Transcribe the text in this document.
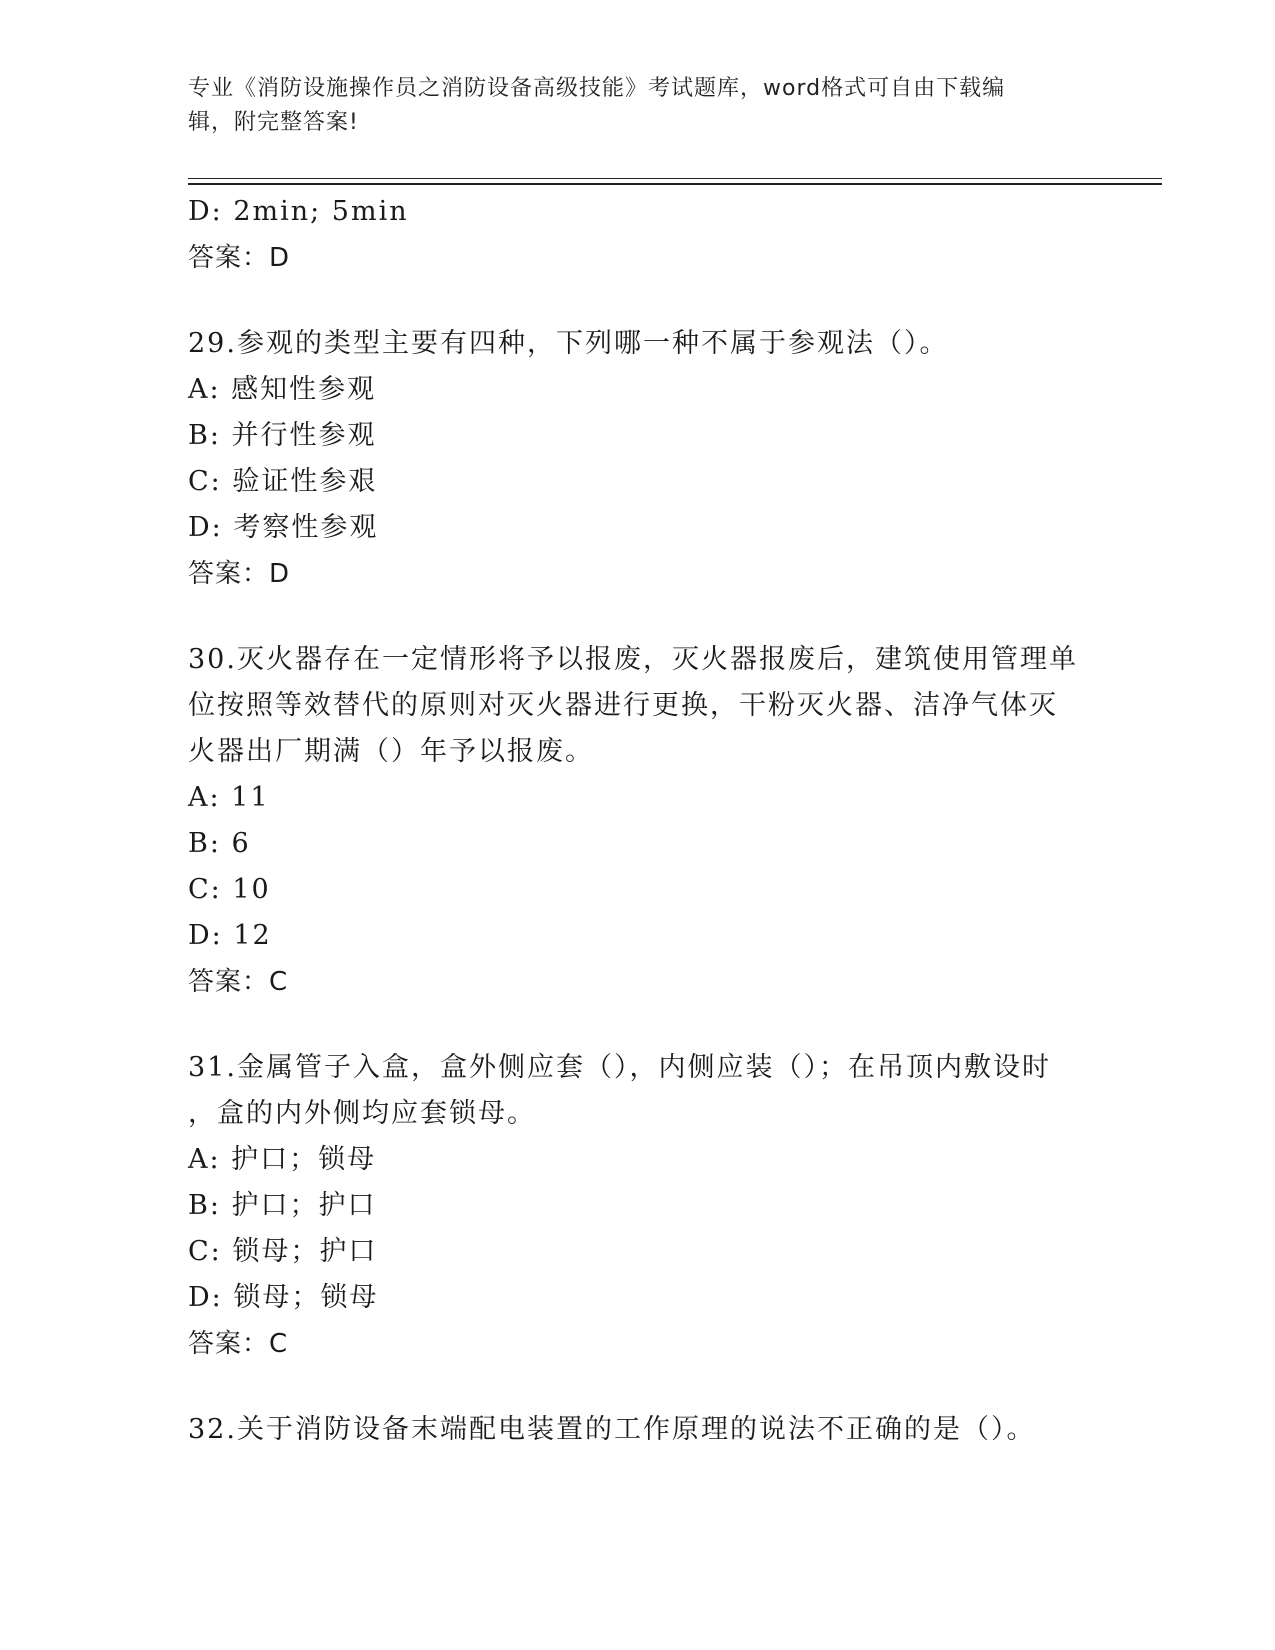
专业《消防设施操作员之消防设备高级技能》考试题库，word格式可自由下载编
辑，附完整答案!
D: 2min; 5min
答案：D
29.参观的类型主要有四种，下列哪一种不属于参观法（）。
A: 感知性参观
B: 并行性参观
C: 验证性参艰
D: 考察性参观
答案：D
30.灭火器存在一定情形将予以报废，灭火器报废后，建筑使用管理单
位按照等效替代的原则对灭火器进行更换，干粉灭火器、洁净气体灭
火器出厂期满（）年予以报废。
A: 11
B: 6
C: 10
D: 12
答案：C
31.金属管子入盒，盒外侧应套（），内侧应装（）；在吊顶内敷设时
，盒的内外侧均应套锁母。
A: 护口；锁母
B: 护口；护口
C: 锁母；护口
D: 锁母；锁母
答案：C
32.关于消防设备末端配电装置的工作原理的说法不正确的是（）。
